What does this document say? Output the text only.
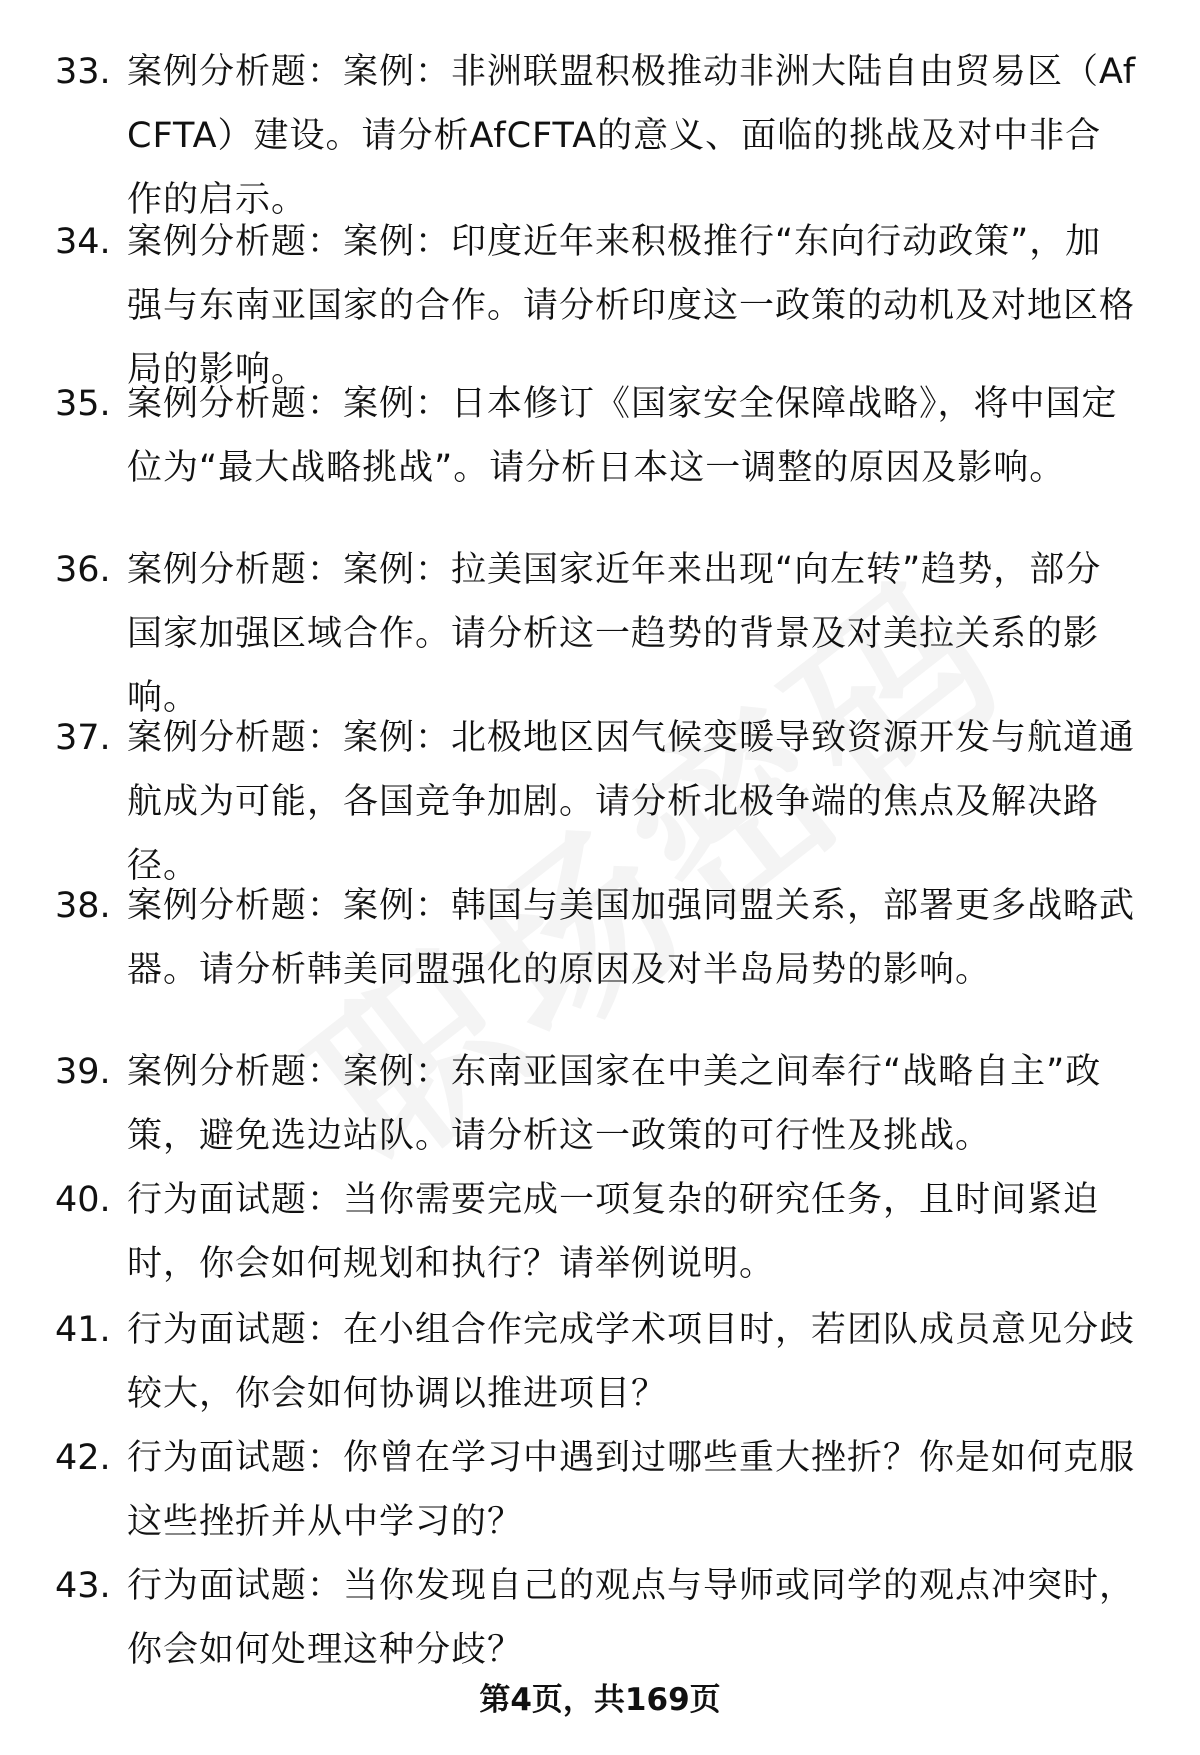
33. 案例分析题：案例：非洲联盟积极推动非洲大陆自由贸易区（AfCFTA）建设。请分析AfCFTA的意义、面临的挑战及对中非合作的启示。
34. 案例分析题：案例：印度近年来积极推行“东向行动政策”，加强与东南亚国家的合作。请分析印度这一政策的动机及对地区格局的影响。
35. 案例分析题：案例：日本修订《国家安全保障战略》，将中国定位为“最大战略挑战”。请分析日本这一调整的原因及影响。
36. 案例分析题：案例：拉美国家近年来出现“向左转”趋势，部分国家加强区域合作。请分析这一趋势的背景及对美拉关系的影响。
37. 案例分析题：案例：北极地区因气候变暖导致资源开发与航道通航成为可能，各国竞争加剧。请分析北极争端的焦点及解决路径。
38. 案例分析题：案例：韩国与美国加强同盟关系，部署更多战略武器。请分析韩美同盟强化的原因及对半岛局势的影响。
39. 案例分析题：案例：东南亚国家在中美之间奉行“战略自主”政策，避免选边站队。请分析这一政策的可行性及挑战。
40. 行为面试题：当你需要完成一项复杂的研究任务，且时间紧迫时，你会如何规划和执行？请举例说明。
41. 行为面试题：在小组合作完成学术项目时，若团队成员意见分歧较大，你会如何协调以推进项目？
42. 行为面试题：你曾在学习中遇到过哪些重大挫折？你是如何克服这些挫折并从中学习的？
43. 行为面试题：当你发现自己的观点与导师或同学的观点冲突时，你会如何处理这种分歧？
第4页，共169页
